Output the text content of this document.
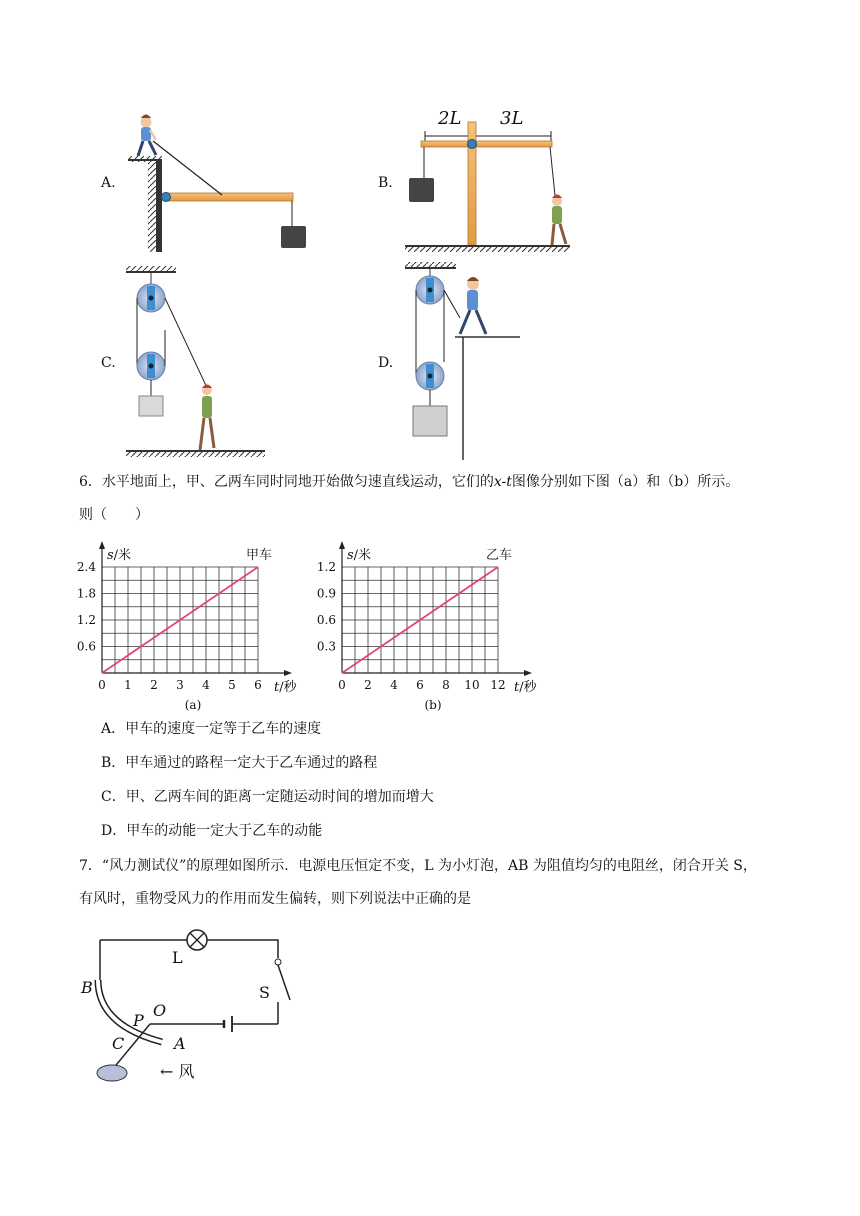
A.	B.
C.	D.
2L 3L
6．水平地面上，甲、乙两车同时同地开始做匀速直线运动，它们的x-t图像分别如下图（a）和（b）所示。
则（　　）
0 1 2 3 4 5 6
0.6
1.2
1.8
2.4
s/米
t/秒
甲车
(a)
0 2 4 6 8 10 12
0.3
0.6
0.9
1.2
s/米
t/秒
乙车
(b)
A．甲车的速度一定等于乙车的速度
B．甲车通过的路程一定大于乙车通过的路程
C．甲、乙两车间的距离一定随运动时间的增加而增大
D．甲车的动能一定大于乙车的动能
7．“风力测试仪”的原理如图所示．电源电压恒定不变，L 为小灯泡，AB 为阻值均匀的电阻丝，闭合开关 S，
有风时，重物受风力的作用而发生偏转，则下列说法中正确的是
L
S
B
P
O
C	A
← 风
